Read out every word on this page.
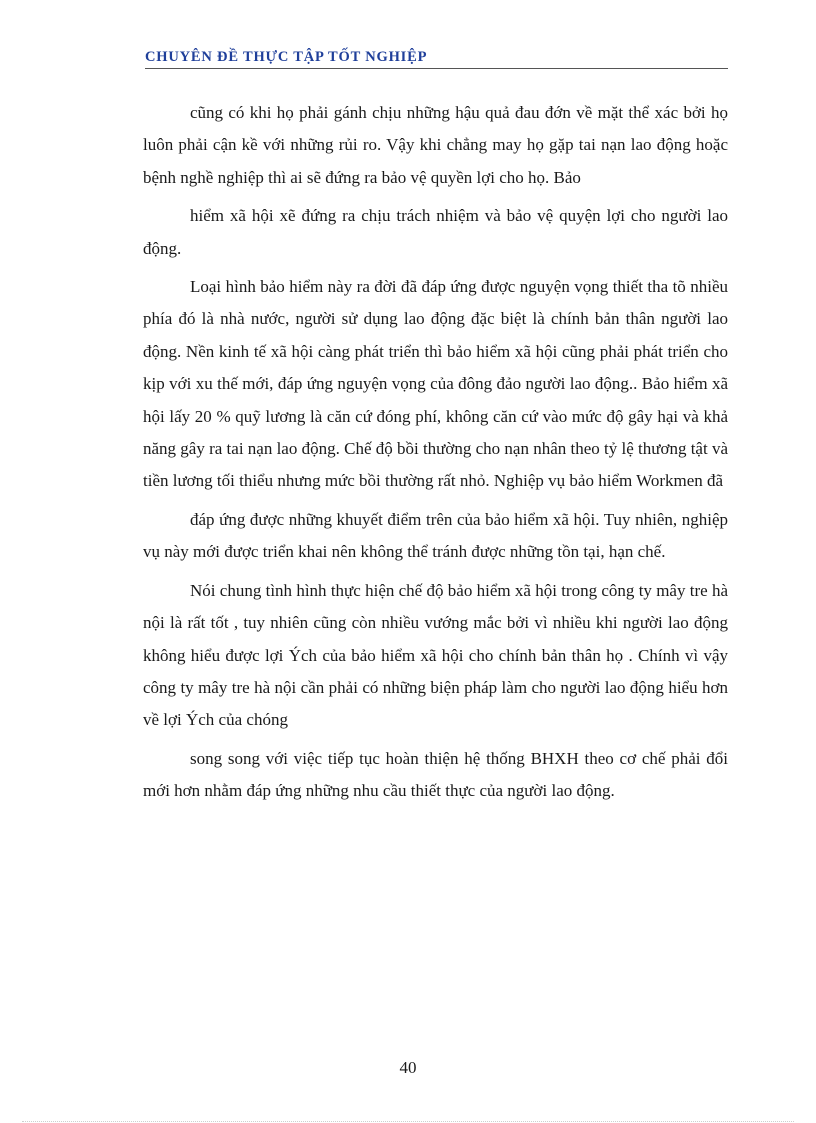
CHUYÊN ĐỀ THỰC TẬP TỐT NGHIỆP

cũng có khi họ phải gánh chịu những hậu quả đau đớn về mặt thể xác bởi họ luôn phải cận kề với những rủi ro. Vậy khi chẳng may họ gặp tai nạn lao động hoặc bệnh nghề nghiệp thì ai sẽ đứng ra bảo vệ quyền lợi cho họ. Bảo

hiểm xã hội xẽ đứng ra chịu trách nhiệm và bảo vệ quyện lợi cho người lao động.

Loại hình bảo hiểm này ra đời đã đáp ứng được nguyện vọng thiết tha tõ nhiều phía đó là nhà nước, người sử dụng lao động đặc biệt là chính bản thân người lao động. Nền kinh tế xã hội càng phát triển thì bảo hiểm xã hội cũng phải phát triển cho kịp với xu thế mới, đáp ứng nguyện vọng của đông đảo người lao động.. Bảo hiểm xã hội lấy 20 % quỹ lương là căn cứ đóng phí, không căn cứ vào mức độ gây hại và khả năng gây ra tai nạn lao động. Chế độ bồi thường cho nạn nhân theo tỷ lệ thương tật và tiền lương tối thiểu nhưng mức bồi thường rất nhỏ. Nghiệp vụ bảo hiểm Workmen đã

đáp ứng được những khuyết điểm trên của bảo hiểm xã hội. Tuy nhiên, nghiệp vụ này mới được triển khai nên không thể tránh được những tồn tại, hạn chế.

Nói chung tình hình thực hiện chế độ bảo hiểm xã hội trong công ty mây tre hà nội là rất tốt , tuy nhiên cũng còn nhiều vướng mắc bởi vì nhiều khi người lao động không hiểu được lợi Ých của bảo hiểm xã hội cho chính bản thân họ . Chính vì vậy công ty mây tre hà nội cần phải có những biện pháp làm cho người lao động hiểu hơn về lợi Ých của chóng

song song với việc tiếp tục hoàn thiện hệ thống BHXH theo cơ chế phải đổi mới hơn nhằm đáp ứng những nhu cầu thiết thực của người lao động.

40
